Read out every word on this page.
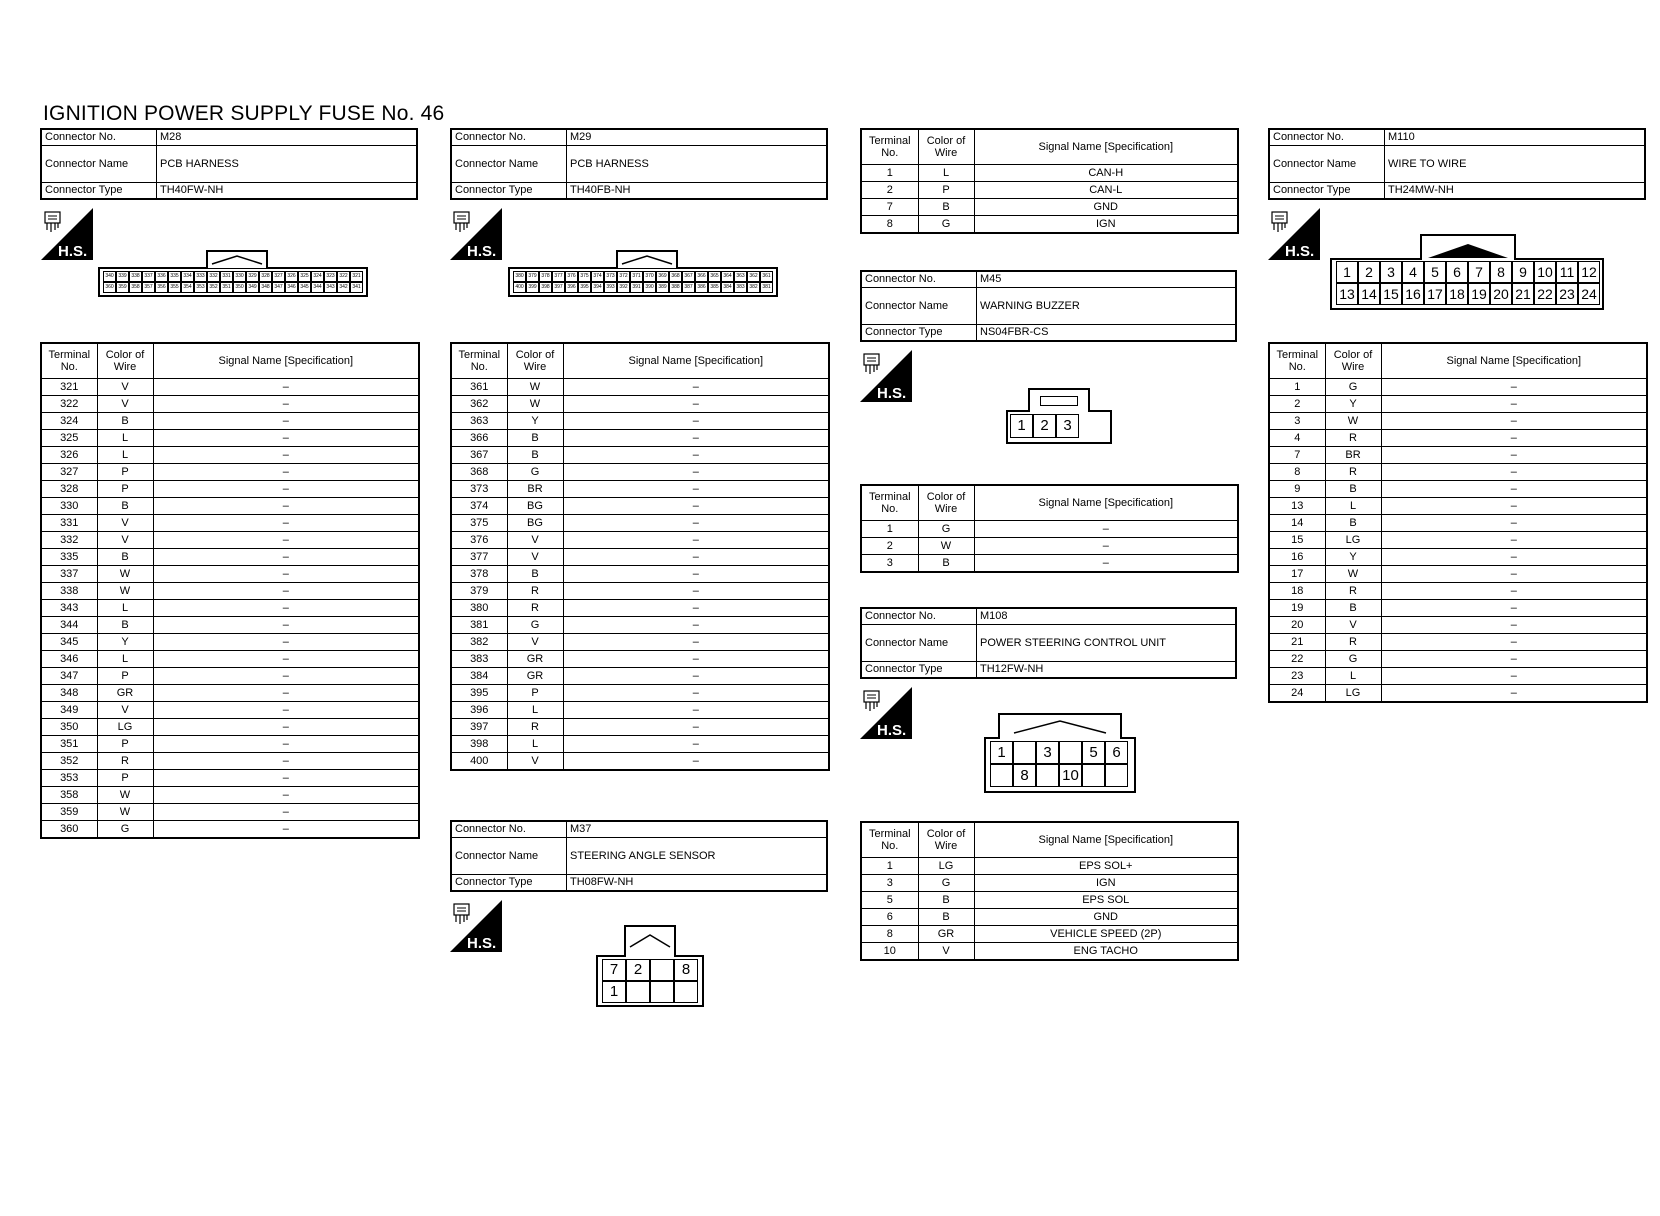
IGNITION POWER SUPPLY FUSE No. 46
Connector No.	M28
Connector Name	PCB HARNESS
Connector Type	TH40FW-NH
H.S.
340 339 338 337 336 335 334 333 332 331 330 329 328 327 326 325 324 323 322 321
360 359 358 357 356 355 354 353 352 351 350 349 348 347 346 345 344 343 342 341
Terminal No.	Color of Wire	Signal Name [Specification]
321	V	–
322	V	–
324	B	–
325	L	–
326	L	–
327	P	–
328	P	–
330	B	–
331	V	–
332	V	–
335	B	–
337	W	–
338	W	–
343	L	–
344	B	–
345	Y	–
346	L	–
347	P	–
348	GR	–
349	V	–
350	LG	–
351	P	–
352	R	–
353	P	–
358	W	–
359	W	–
360	G	–
Connector No.	M29
Connector Name	PCB HARNESS
Connector Type	TH40FB-NH
H.S.
380 379 378 377 376 375 374 373 372 371 370 369 368 367 366 365 364 363 362 361
400 399 398 397 396 395 394 393 392 391 390 389 388 387 386 385 384 383 382 381
Terminal No.	Color of Wire	Signal Name [Specification]
361	W	–
362	W	–
363	Y	–
366	B	–
367	B	–
368	G	–
373	BR	–
374	BG	–
375	BG	–
376	V	–
377	V	–
378	B	–
379	R	–
380	R	–
381	G	–
382	V	–
383	GR	–
384	GR	–
395	P	–
396	L	–
397	R	–
398	L	–
400	V	–
Connector No.	M37
Connector Name	STEERING ANGLE SENSOR
Connector Type	TH08FW-NH
H.S.
Terminal No.	Color of Wire	Signal Name [Specification]
1	L	CAN-H
2	P	CAN-L
7	B	GND
8	G	IGN
7	2	8
1
Connector No.	M45
Connector Name	WARNING BUZZER
Connector Type	NS04FBR-CS
H.S.
1 2 3
Terminal No.	Color of Wire	Signal Name [Specification]
1	G	–
2	W	–
3	B	–
Connector No.	M108
Connector Name	POWER STEERING CONTROL UNIT
Connector Type	TH12FW-NH
H.S.
1	3	5 6
8	10
Terminal No.	Color of Wire	Signal Name [Specification]
1	LG	EPS SOL+
3	G	IGN
5	B	EPS SOL
6	B	GND
8	GR	VEHICLE SPEED (2P)
10	V	ENG TACHO
Connector No.	M110
Connector Name	WIRE TO WIRE
Connector Type	TH24MW-NH
H.S.
1	2	3	4	5	6	7	8	9 10 11 12
13 14 15 16 17 18 19 20 21 22 23 24
Terminal No.	Color of Wire	Signal Name [Specification]
1	G	–
2	Y	–
3	W	–
4	R	–
7	BR	–
8	R	–
9	B	–
13	L	–
14	B	–
15	LG	–
16	Y	–
17	W	–
18	R	–
19	B	–
20	V	–
21	R	–
22	G	–
23	L	–
24	LG	–
